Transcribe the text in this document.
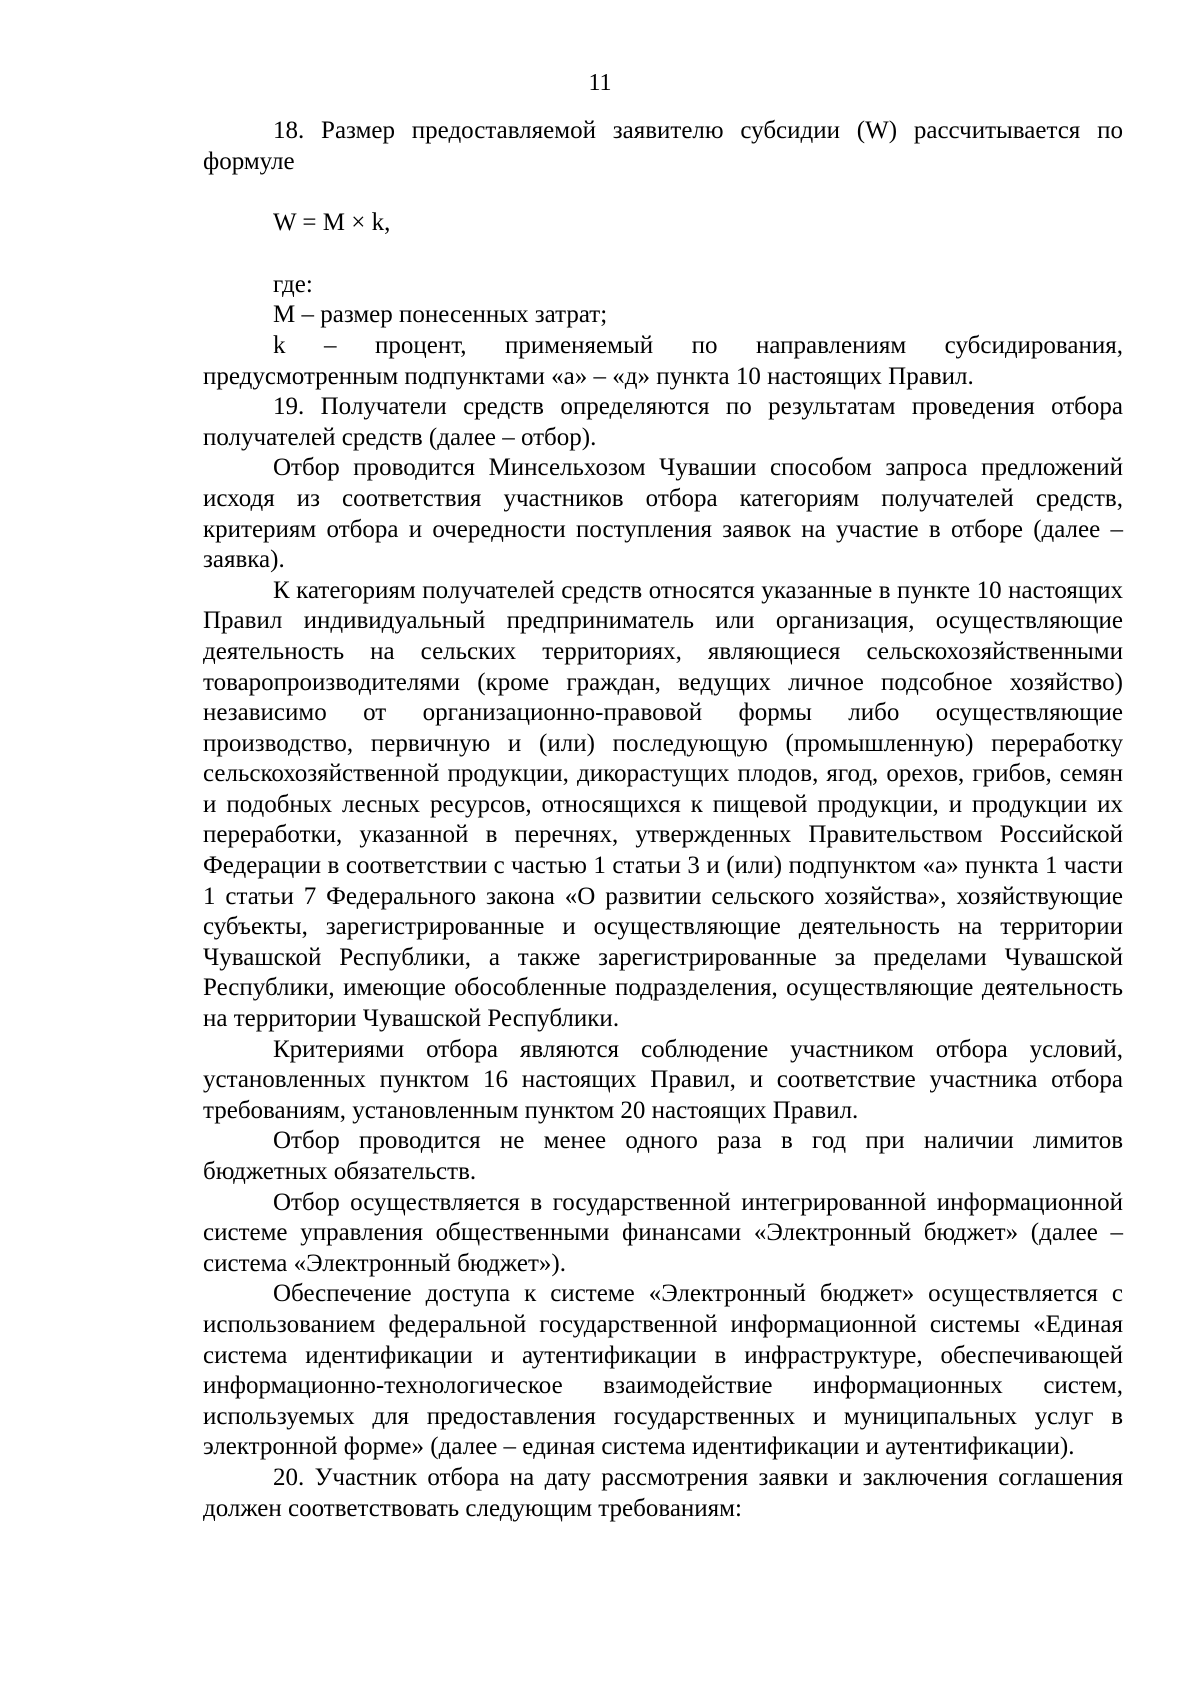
11

18. Размер предоставляемой заявителю субсидии (W) рассчитывается по формуле

W = M × k,

где:

M – размер понесенных затрат;

k – процент, применяемый по направлениям субсидирования, предусмотренным подпунктами «а» – «д» пункта 10 настоящих Правил.

19. Получатели средств определяются по результатам проведения отбора получателей средств (далее – отбор).

Отбор проводится Минсельхозом Чувашии способом запроса предложений исходя из соответствия участников отбора категориям получателей средств, критериям отбора и очередности поступления заявок на участие в отборе (далее – заявка).

К категориям получателей средств относятся указанные в пункте 10 настоящих Правил индивидуальный предприниматель или организация, осуществляющие деятельность на сельских территориях, являющиеся сельскохозяйственными товаропроизводителями (кроме граждан, ведущих личное подсобное хозяйство) независимо от организационно-правовой формы либо осуществляющие производство, первичную и (или) последующую (промышленную) переработку сельскохозяйственной продукции, дикорастущих плодов, ягод, орехов, грибов, семян и подобных лесных ресурсов, относящихся к пищевой продукции, и продукции их переработки, указанной в перечнях, утвержденных Правительством Российской Федерации в соответствии с частью 1 статьи 3 и (или) подпунктом «а» пункта 1 части 1 статьи 7 Федерального закона «О развитии сельского хозяйства», хозяйствующие субъекты, зарегистрированные и осуществляющие деятельность на территории Чувашской Республики, а также зарегистрированные за пределами Чувашской Республики, имеющие обособленные подразделения, осуществляющие деятельность на территории Чувашской Республики.

Критериями отбора являются соблюдение участником отбора условий, установленных пунктом 16 настоящих Правил, и соответствие участника отбора требованиям, установленным пунктом 20 настоящих Правил.

Отбор проводится не менее одного раза в год при наличии лимитов бюджетных обязательств.

Отбор осуществляется в государственной интегрированной информационной системе управления общественными финансами «Электронный бюджет» (далее – система «Электронный бюджет»).

Обеспечение доступа к системе «Электронный бюджет» осуществляется с использованием федеральной государственной информационной системы «Единая система идентификации и аутентификации в инфраструктуре, обеспечивающей информационно-технологическое взаимодействие информационных систем, используемых для предоставления государственных и муниципальных услуг в электронной форме» (далее – единая система идентификации и аутентификации).

20. Участник отбора на дату рассмотрения заявки и заключения соглашения должен соответствовать следующим требованиям:
